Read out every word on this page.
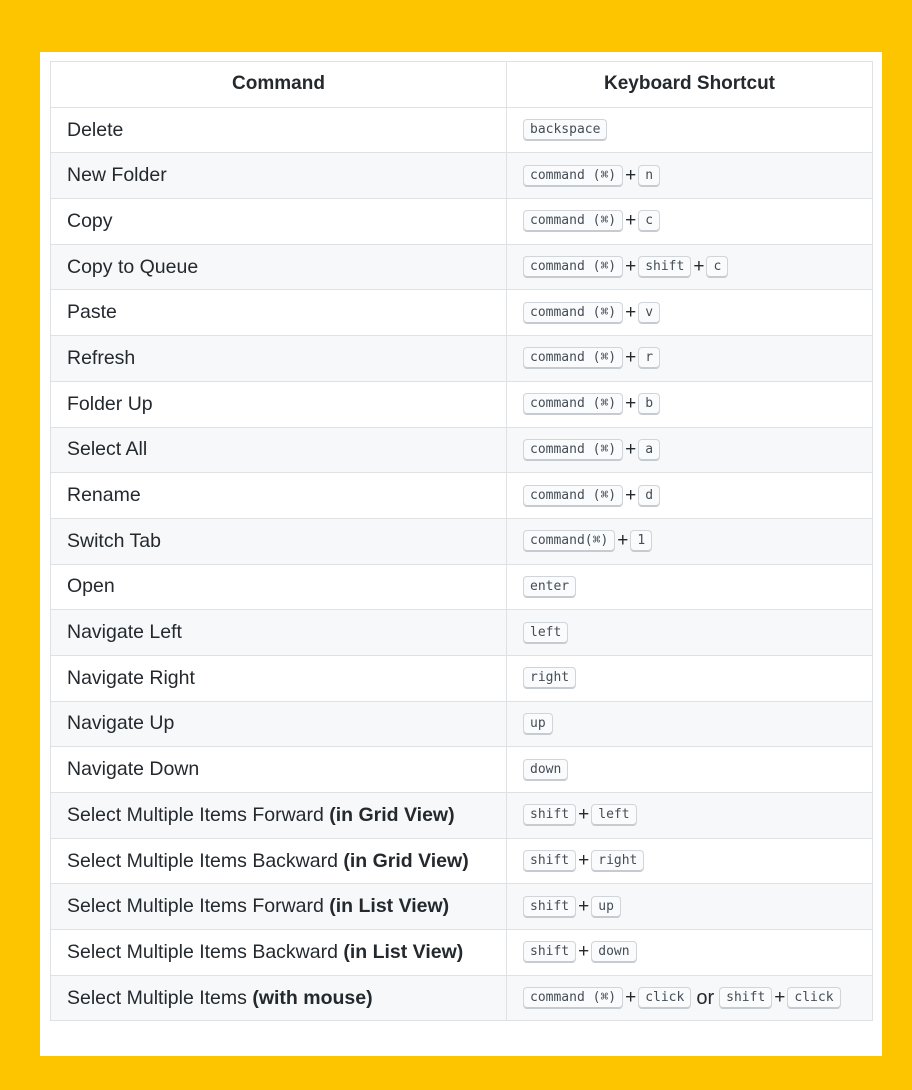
Command	Keyboard Shortcut
Delete	backspace
New Folder	command (⌘) + n
Copy	command (⌘) + c
Copy to Queue	command (⌘) + shift + c
Paste	command (⌘) + v
Refresh	command (⌘) + r
Folder Up	command (⌘) + b
Select All	command (⌘) + a
Rename	command (⌘) + d
Switch Tab	command(⌘) + 1
Open	enter
Navigate Left	left
Navigate Right	right
Navigate Up	up
Navigate Down	down
Select Multiple Items Forward (in Grid View)	shift + left
Select Multiple Items Backward (in Grid View)	shift + right
Select Multiple Items Forward (in List View)	shift + up
Select Multiple Items Backward (in List View)	shift + down
Select Multiple Items (with mouse)	command (⌘) + click or shift + click
